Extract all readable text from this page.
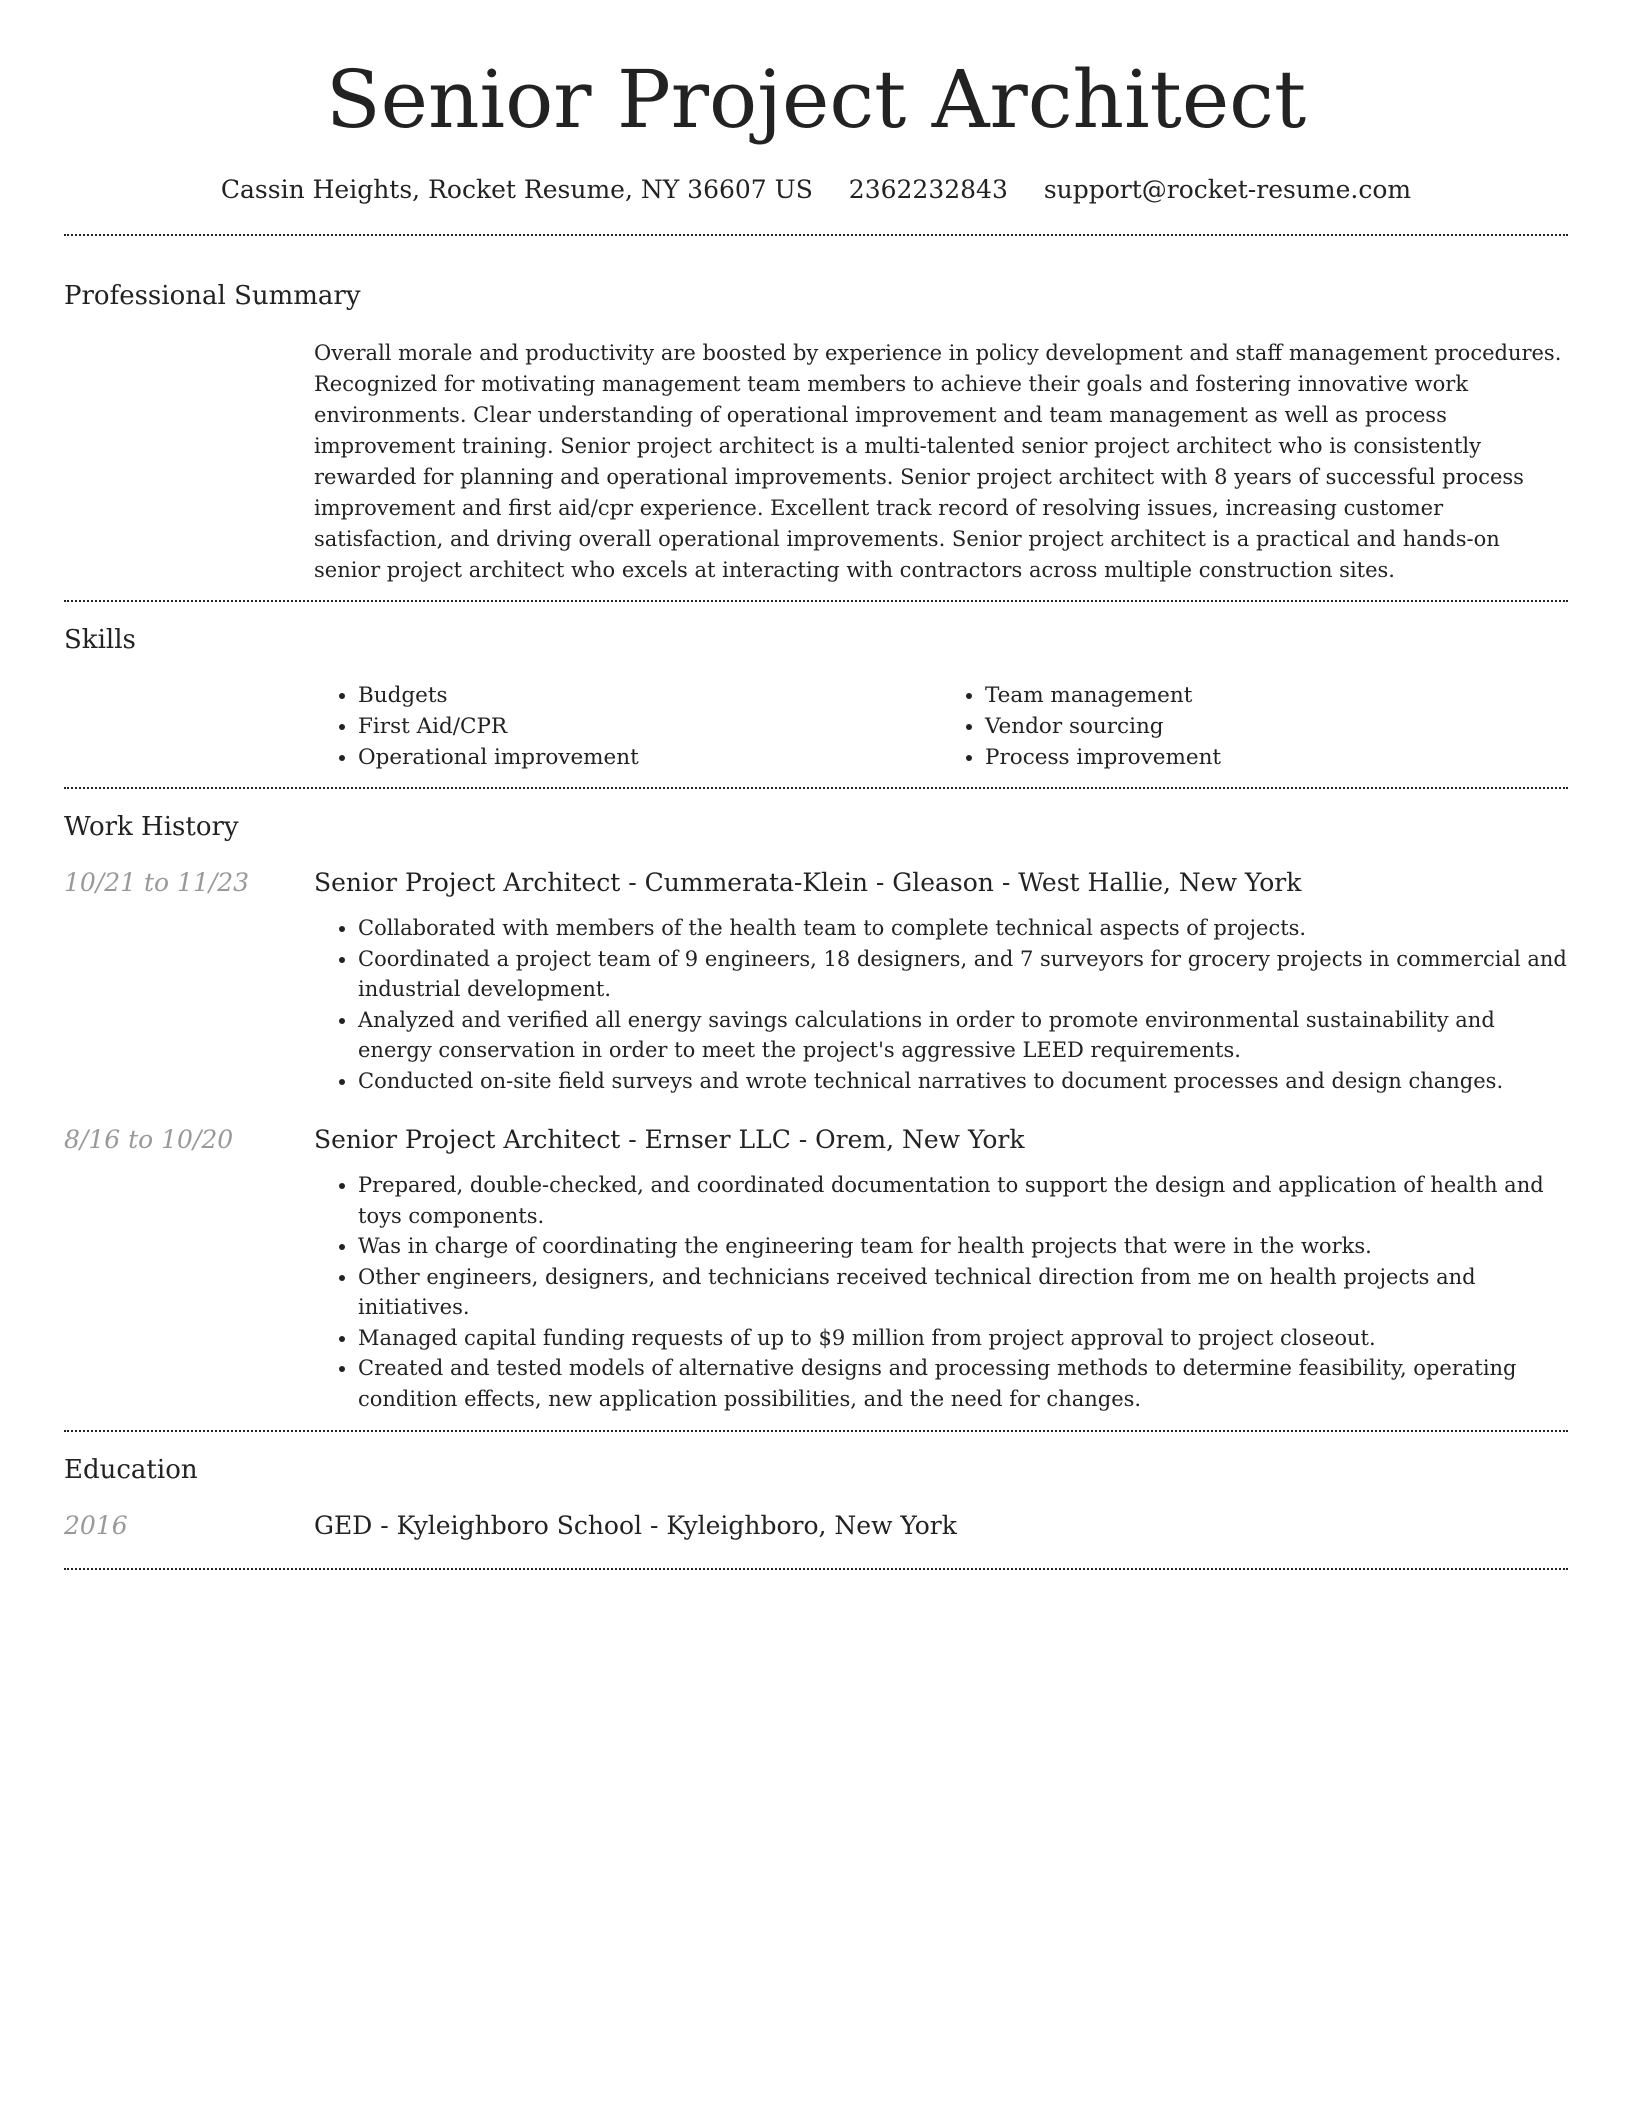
Senior Project Architect
Cassin Heights, Rocket Resume, NY 36607 US 2362232843 support@rocket-resume.com
Professional Summary

Overall morale and productivity are boosted by experience in policy development and staff management procedures. Recognized for motivating management team members to achieve their goals and fostering innovative work environments. Clear understanding of operational improvement and team management as well as process improvement training. Senior project architect is a multi-talented senior project architect who is consistently rewarded for planning and operational improvements. Senior project architect with 8 years of successful process improvement and first aid/cpr experience. Excellent track record of resolving issues, increasing customer satisfaction, and driving overall operational improvements. Senior project architect is a practical and hands-on senior project architect who excels at interacting with contractors across multiple construction sites.

Skills
• Budgets
• First Aid/CPR
• Operational improvement
• Team management
• Vendor sourcing
• Process improvement
Work History
10/21 to 11/23	Senior Project Architect - Cummerata-Klein - Gleason - West Hallie, New York
• Collaborated with members of the health team to complete technical aspects of projects.
• Coordinated a project team of 9 engineers, 18 designers, and 7 surveyors for grocery projects in commercial and industrial development.
• Analyzed and verified all energy savings calculations in order to promote environmental sustainability and energy conservation in order to meet the project's aggressive LEED requirements.
• Conducted on-site field surveys and wrote technical narratives to document processes and design changes.
8/16 to 10/20	Senior Project Architect - Ernser LLC - Orem, New York
• Prepared, double-checked, and coordinated documentation to support the design and application of health and toys components.
• Was in charge of coordinating the engineering team for health projects that were in the works.
• Other engineers, designers, and technicians received technical direction from me on health projects and initiatives.
• Managed capital funding requests of up to $9 million from project approval to project closeout.
• Created and tested models of alternative designs and processing methods to determine feasibility, operating condition effects, new application possibilities, and the need for changes.
Education
2016	GED - Kyleighboro School - Kyleighboro, New York
